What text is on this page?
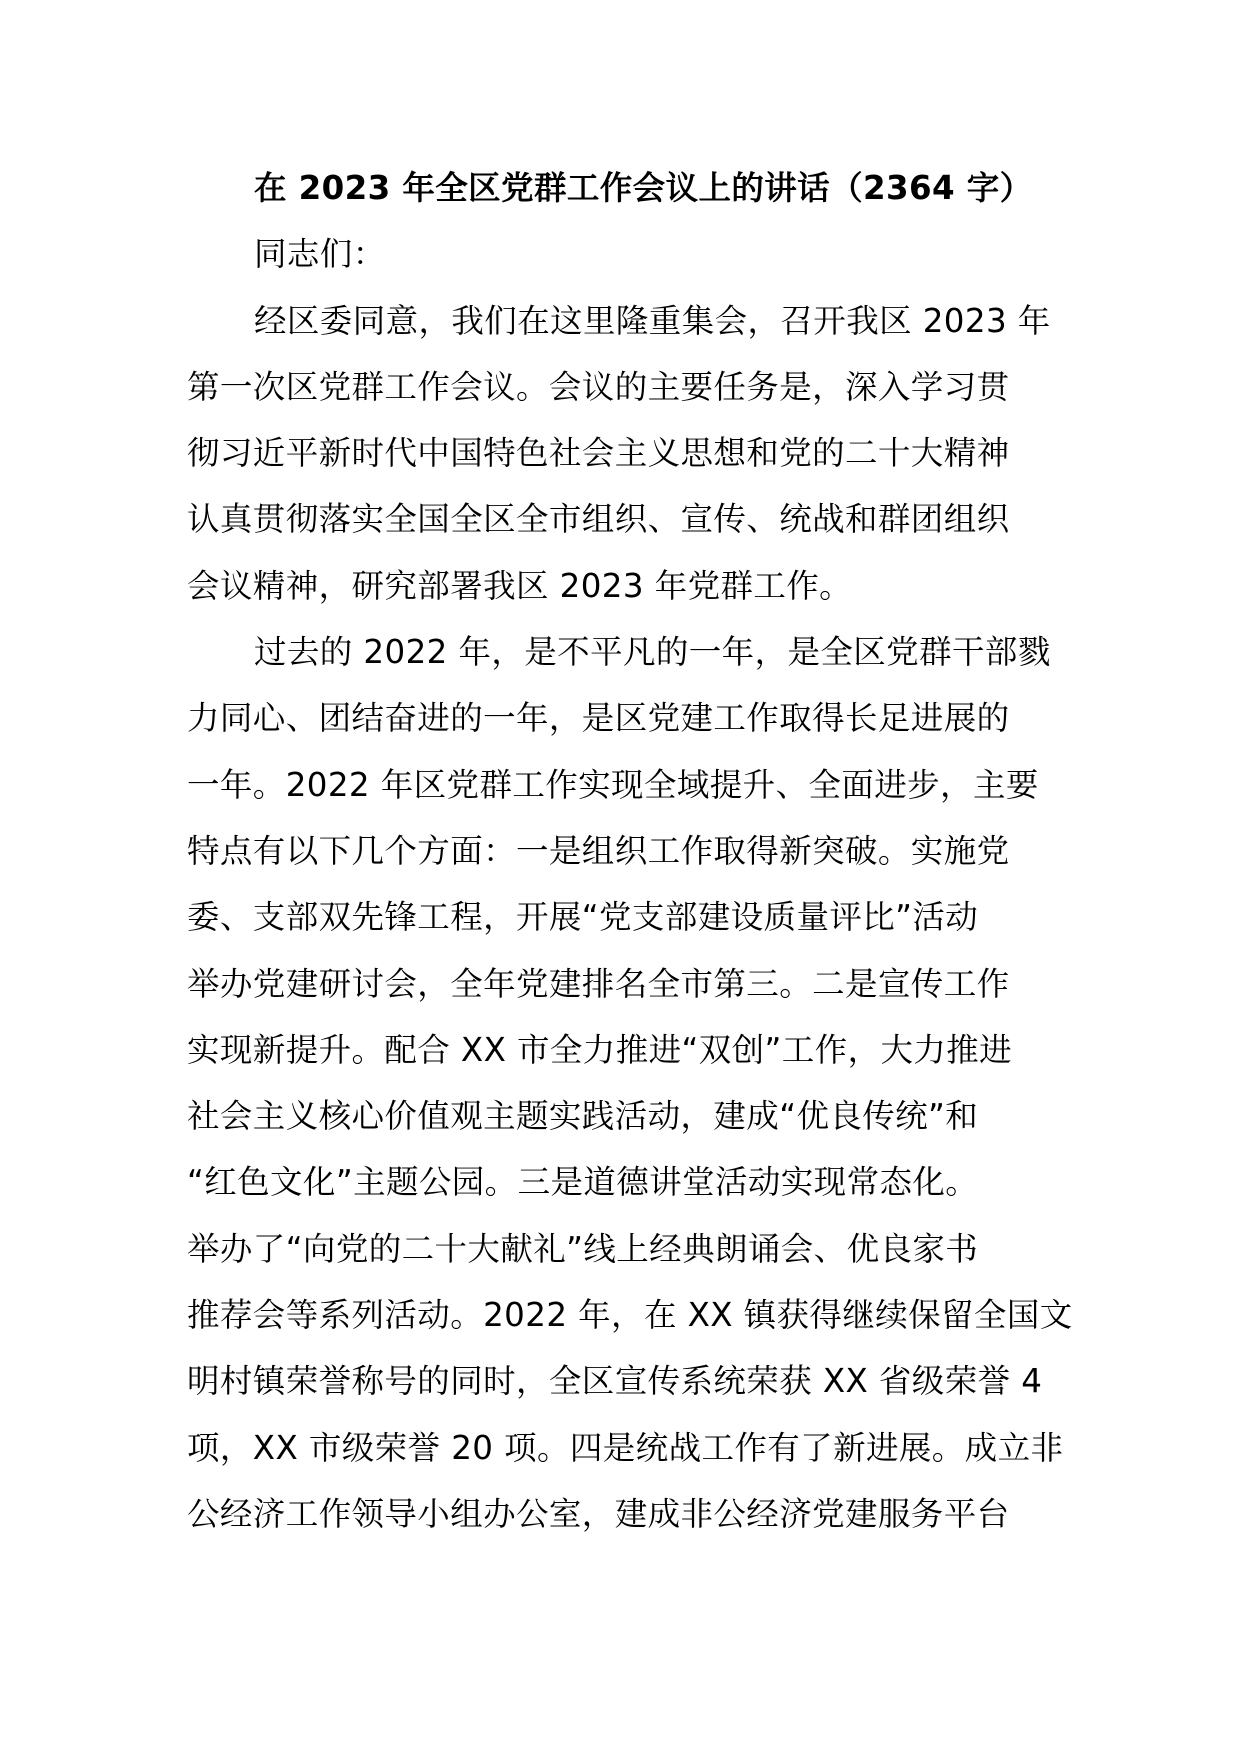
在 2023 年全区党群工作会议上的讲话（2364 字）

同志们：

经区委同意，我们在这里隆重集会，召开我区 2023 年
第一次区党群工作会议。会议的主要任务是，深入学习贯
彻习近平新时代中国特色社会主义思想和党的二十大精神
认真贯彻落实全国全区全市组织、宣传、统战和群团组织
会议精神，研究部署我区 2023 年党群工作。
过去的 2022 年，是不平凡的一年，是全区党群干部戮
力同心、团结奋进的一年，是区党建工作取得长足进展的
一年。2022 年区党群工作实现全域提升、全面进步，主要
特点有以下几个方面：一是组织工作取得新突破。实施党
委、支部双先锋工程，开展“党支部建设质量评比”活动
举办党建研讨会，全年党建排名全市第三。二是宣传工作
实现新提升。配合 XX 市全力推进“双创”工作，大力推进
社会主义核心价值观主题实践活动，建成“优良传统”和
“红色文化”主题公园。三是道德讲堂活动实现常态化。
举办了“向党的二十大献礼”线上经典朗诵会、优良家书
推荐会等系列活动。2022 年，在 XX 镇获得继续保留全国文
明村镇荣誉称号的同时，全区宣传系统荣获 XX 省级荣誉 4
项，XX 市级荣誉 20 项。四是统战工作有了新进展。成立非
公经济工作领导小组办公室，建成非公经济党建服务平台
